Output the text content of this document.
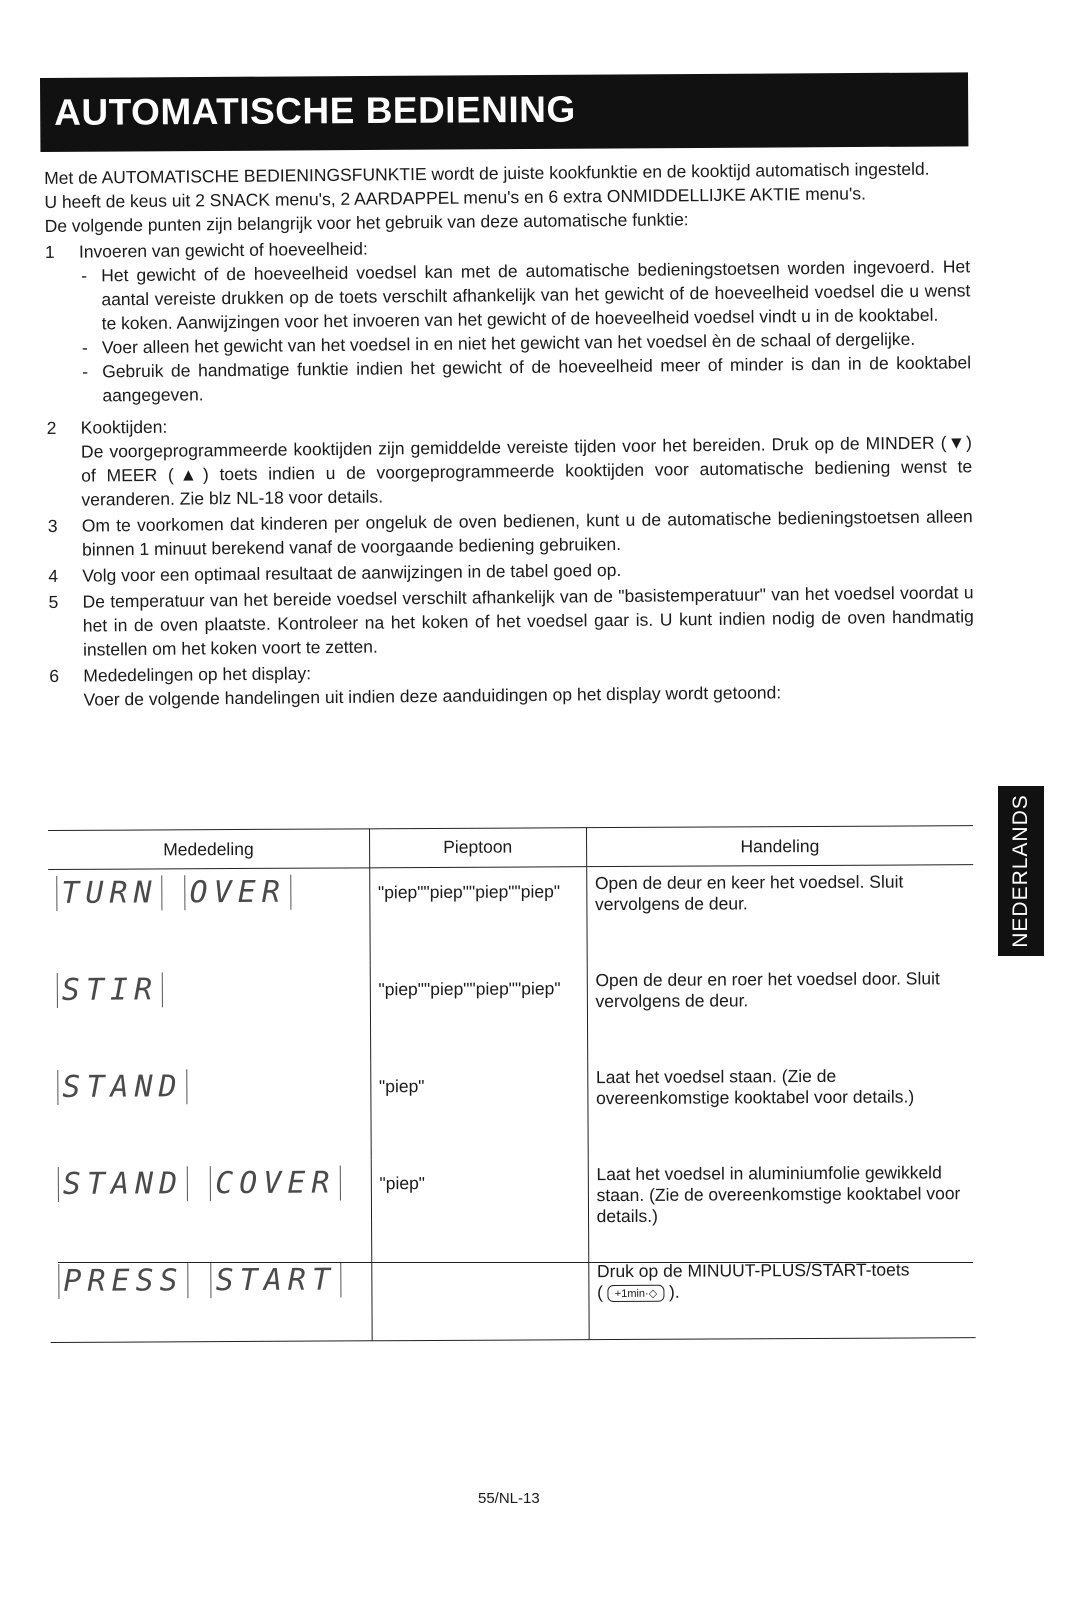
AUTOMATISCHE BEDIENING

Met de AUTOMATISCHE BEDIENINGSFUNKTIE wordt de juiste kookfunktie en de kooktijd automatisch ingesteld.

U heeft de keus uit 2 SNACK menu's, 2 AARDAPPEL menu's en 6 extra ONMIDDELLIJKE AKTIE menu's.

De volgende punten zijn belangrijk voor het gebruik van deze automatische funktie:

1 Invoeren van gewicht of hoeveelheid:
- Het gewicht of de hoeveelheid voedsel kan met de automatische bedieningstoetsen worden ingevoerd. Het aantal vereiste drukken op de toets verschilt afhankelijk van het gewicht of de hoeveelheid voedsel die u wenst te koken. Aanwijzingen voor het invoeren van het gewicht of de hoeveelheid voedsel vindt u in de kooktabel.
- Voer alleen het gewicht van het voedsel in en niet het gewicht van het voedsel èn de schaal of dergelijke.
- Gebruik de handmatige funktie indien het gewicht of de hoeveelheid meer of minder is dan in de kooktabel aangegeven.
2 Kooktijden:

De voorgeprogrammeerde kooktijden zijn gemiddelde vereiste tijden voor het bereiden. Druk op de MINDER (▼) of MEER (▲) toets indien u de voorgeprogrammeerde kooktijden voor automatische bediening wenst te veranderen. Zie blz NL-18 voor details.

3 Om te voorkomen dat kinderen per ongeluk de oven bedienen, kunt u de automatische bedieningstoetsen alleen binnen 1 minuut berekend vanaf de voorgaande bediening gebruiken.
4 Volg voor een optimaal resultaat de aanwijzingen in de tabel goed op.
5 De temperatuur van het bereide voedsel verschilt afhankelijk van de "basistemperatuur" van het voedsel voordat u het in de oven plaatste. Kontroleer na het koken of het voedsel gaar is. U kunt indien nodig de oven handmatig instellen om het koken voort te zetten.
6 Mededelingen op het display:

Voer de volgende handelingen uit indien deze aanduidingen op het display wordt getoond:

Mededeling	Pieptoon	Handeling
TURN OVER	"piep""piep""piep""piep"	Open de deur en keer het voedsel. Sluit vervolgens de deur.
STIR	"piep""piep""piep""piep"	Open de deur en roer het voedsel door. Sluit vervolgens de deur.
STAND	"piep"	Laat het voedsel staan. (Zie de overeenkomstige kooktabel voor details.)
STAND COVER	"piep"	Laat het voedsel in aluminiumfolie gewikkeld staan. (Zie de overeenkomstige kooktabel voor details.)
PRESS START		Druk op de MINUUT-PLUS/START-toets
( +1min·◇ ).
NEDERLANDS
55/NL-13
